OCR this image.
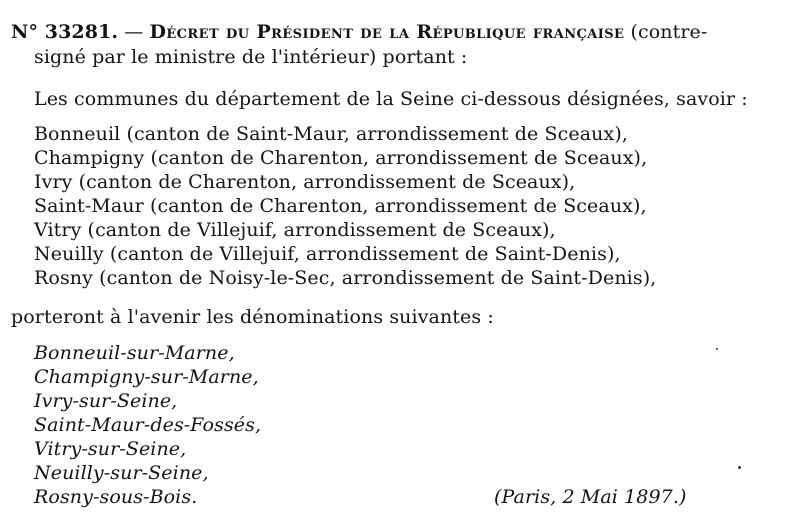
N° 33281. — Décret du Président de la République française (contre-
signé par le ministre de l'intérieur) portant :
Les communes du département de la Seine ci-dessous désignées, savoir :
Bonneuil (canton de Saint-Maur, arrondissement de Sceaux),
Champigny (canton de Charenton, arrondissement de Sceaux),
Ivry (canton de Charenton, arrondissement de Sceaux),
Saint-Maur (canton de Charenton, arrondissement de Sceaux),
Vitry (canton de Villejuif, arrondissement de Sceaux),
Neuilly (canton de Villejuif, arrondissement de Saint-Denis),
Rosny (canton de Noisy-le-Sec, arrondissement de Saint-Denis),
porteront à l'avenir les dénominations suivantes :
Bonneuil-sur-Marne,
Champigny-sur-Marne,
Ivry-sur-Seine,
Saint-Maur-des-Fossés,
Vitry-sur-Seine,
Neuilly-sur-Seine,
Rosny-sous-Bois.	(Paris, 2 Mai 1897.)
